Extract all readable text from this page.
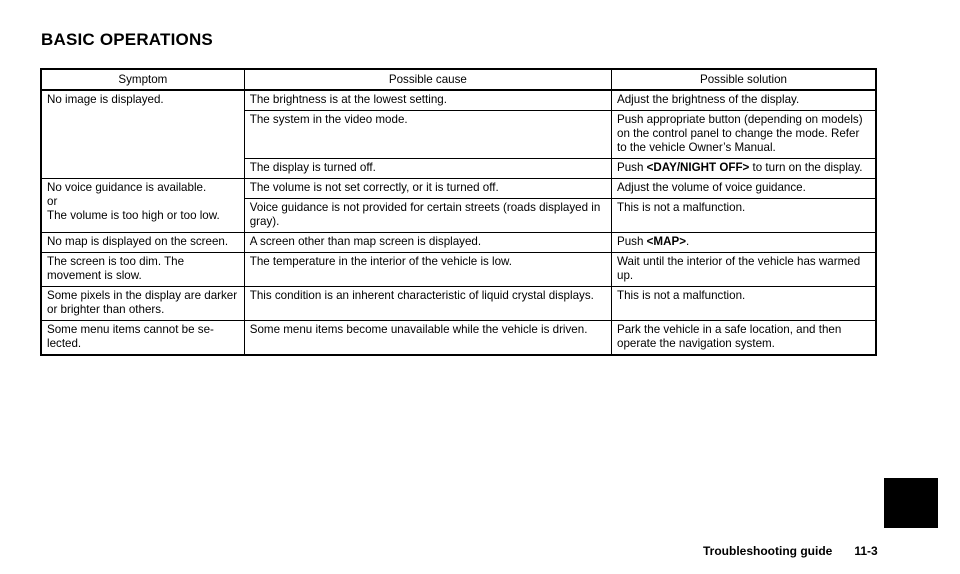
BASIC OPERATIONS
Symptom	Possible cause	Possible solution

No image is displayed.	The brightness is at the lowest setting.	Adjust the brightness of the display.
	The system in the video mode.	Push appropriate button (depending on models) on the control panel to change the mode. Refer to the vehicle Owner’s Manual.
	The display is turned off.	Push <DAY/NIGHT OFF> to turn on the display.

No voice guidance is available.
or
The volume is too high or too low.	The volume is not set correctly, or it is turned off.	Adjust the volume of voice guidance.
	Voice guidance is not provided for certain streets (roads displayed in gray).	This is not a malfunction.

No map is displayed on the screen.	A screen other than map screen is displayed.	Push <MAP>.
The screen is too dim. The movement is slow.	The temperature in the interior of the vehicle is low.	Wait until the interior of the vehicle has warmed up.
Some pixels in the display are darker or brighter than others.	This condition is an inherent characteristic of liquid crystal displays.	This is not a malfunction.
Some menu items cannot be se-lected.	Some menu items become unavailable while the vehicle is driven.	Park the vehicle in a safe location, and then operate the navigation system.
Troubleshooting guide 11-3
